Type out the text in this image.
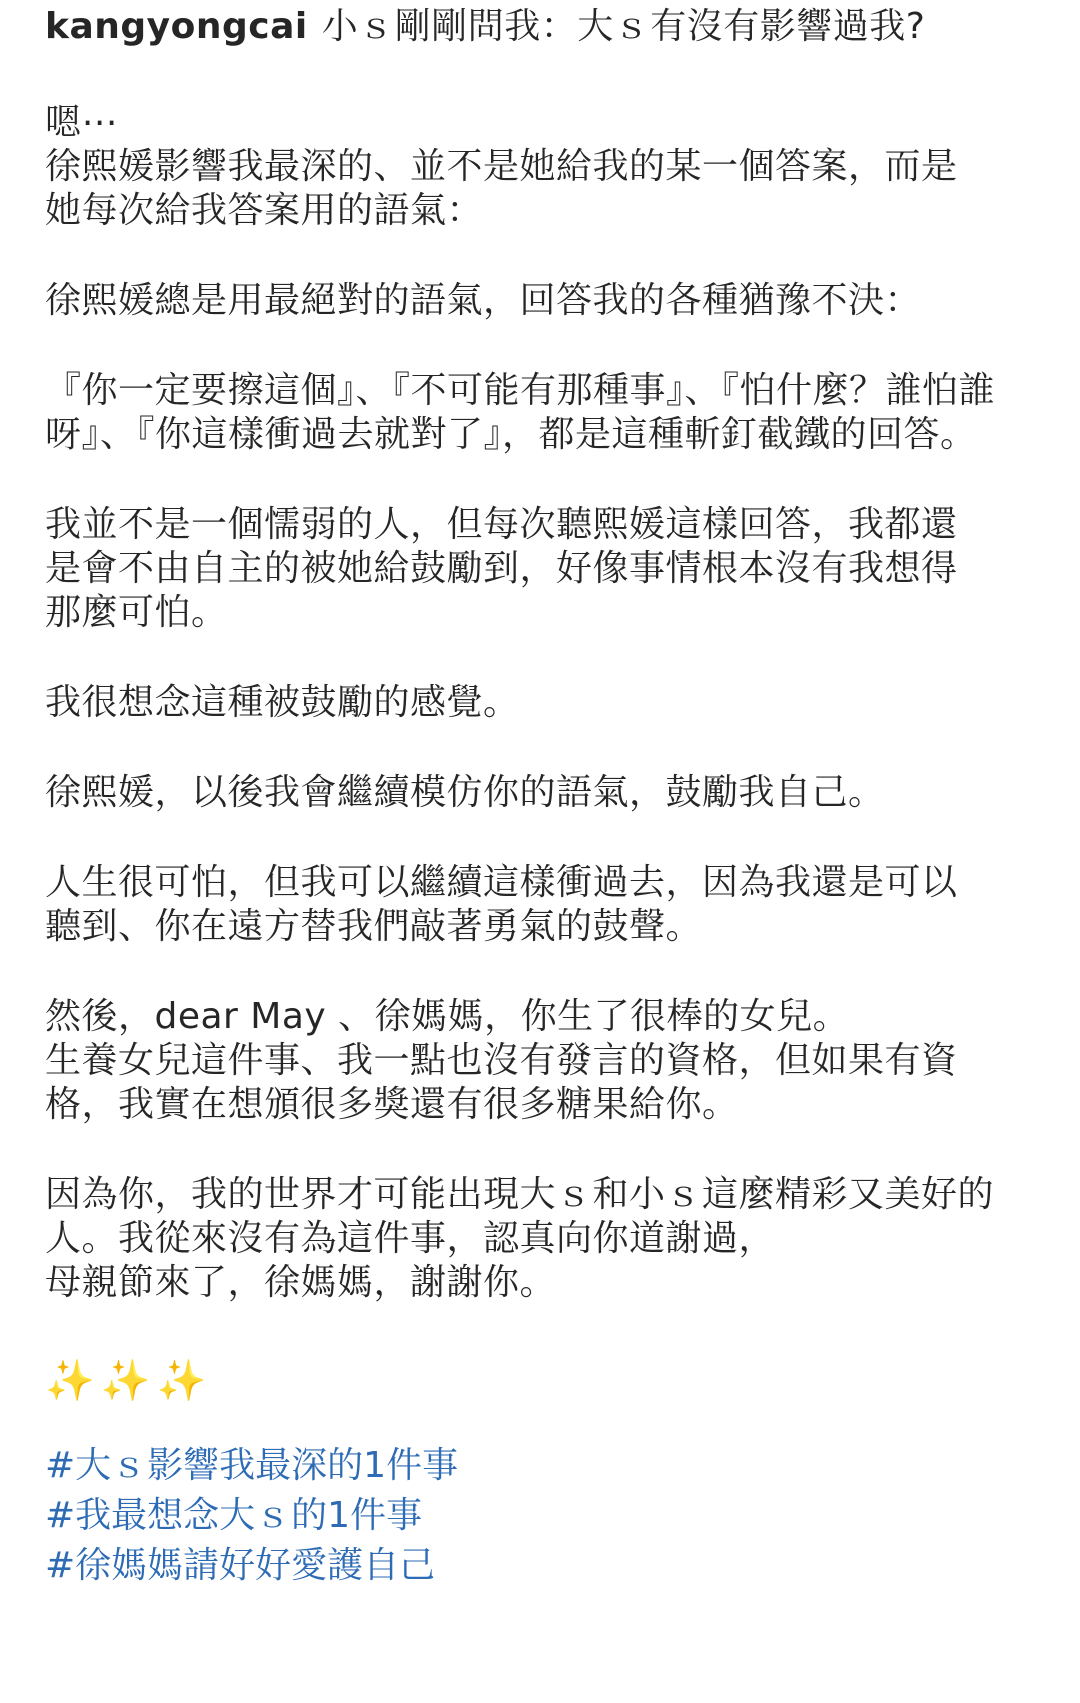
kangyongcai 小ｓ剛剛問我：大ｓ有沒有影響過我?
嗯⋯
徐熙媛影響我最深的、並不是她給我的某一個答案，而是
她每次給我答案用的語氣：
徐熙媛總是用最絕對的語氣，回答我的各種猶豫不決：
『你一定要擦這個』、『不可能有那種事』、『怕什麼？誰怕誰
呀』、『你這樣衝過去就對了』，都是這種斬釘截鐵的回答。
我並不是一個懦弱的人，但每次聽熙媛這樣回答，我都還
是會不由自主的被她給鼓勵到，好像事情根本沒有我想得
那麼可怕。
我很想念這種被鼓勵的感覺。
徐熙媛，以後我會繼續模仿你的語氣，鼓勵我自己。
人生很可怕，但我可以繼續這樣衝過去，因為我還是可以
聽到、你在遠方替我們敲著勇氣的鼓聲。
然後，dear May 、徐媽媽，你生了很棒的女兒。
生養女兒這件事、我一點也沒有發言的資格，但如果有資
格，我實在想頒很多獎還有很多糖果給你。
因為你，我的世界才可能出現大ｓ和小ｓ這麼精彩又美好的
人。我從來沒有為這件事，認真向你道謝過，
母親節來了，徐媽媽，謝謝你。
✨✨✨
#大ｓ影響我最深的1件事
#我最想念大ｓ的1件事
#徐媽媽請好好愛護自己
